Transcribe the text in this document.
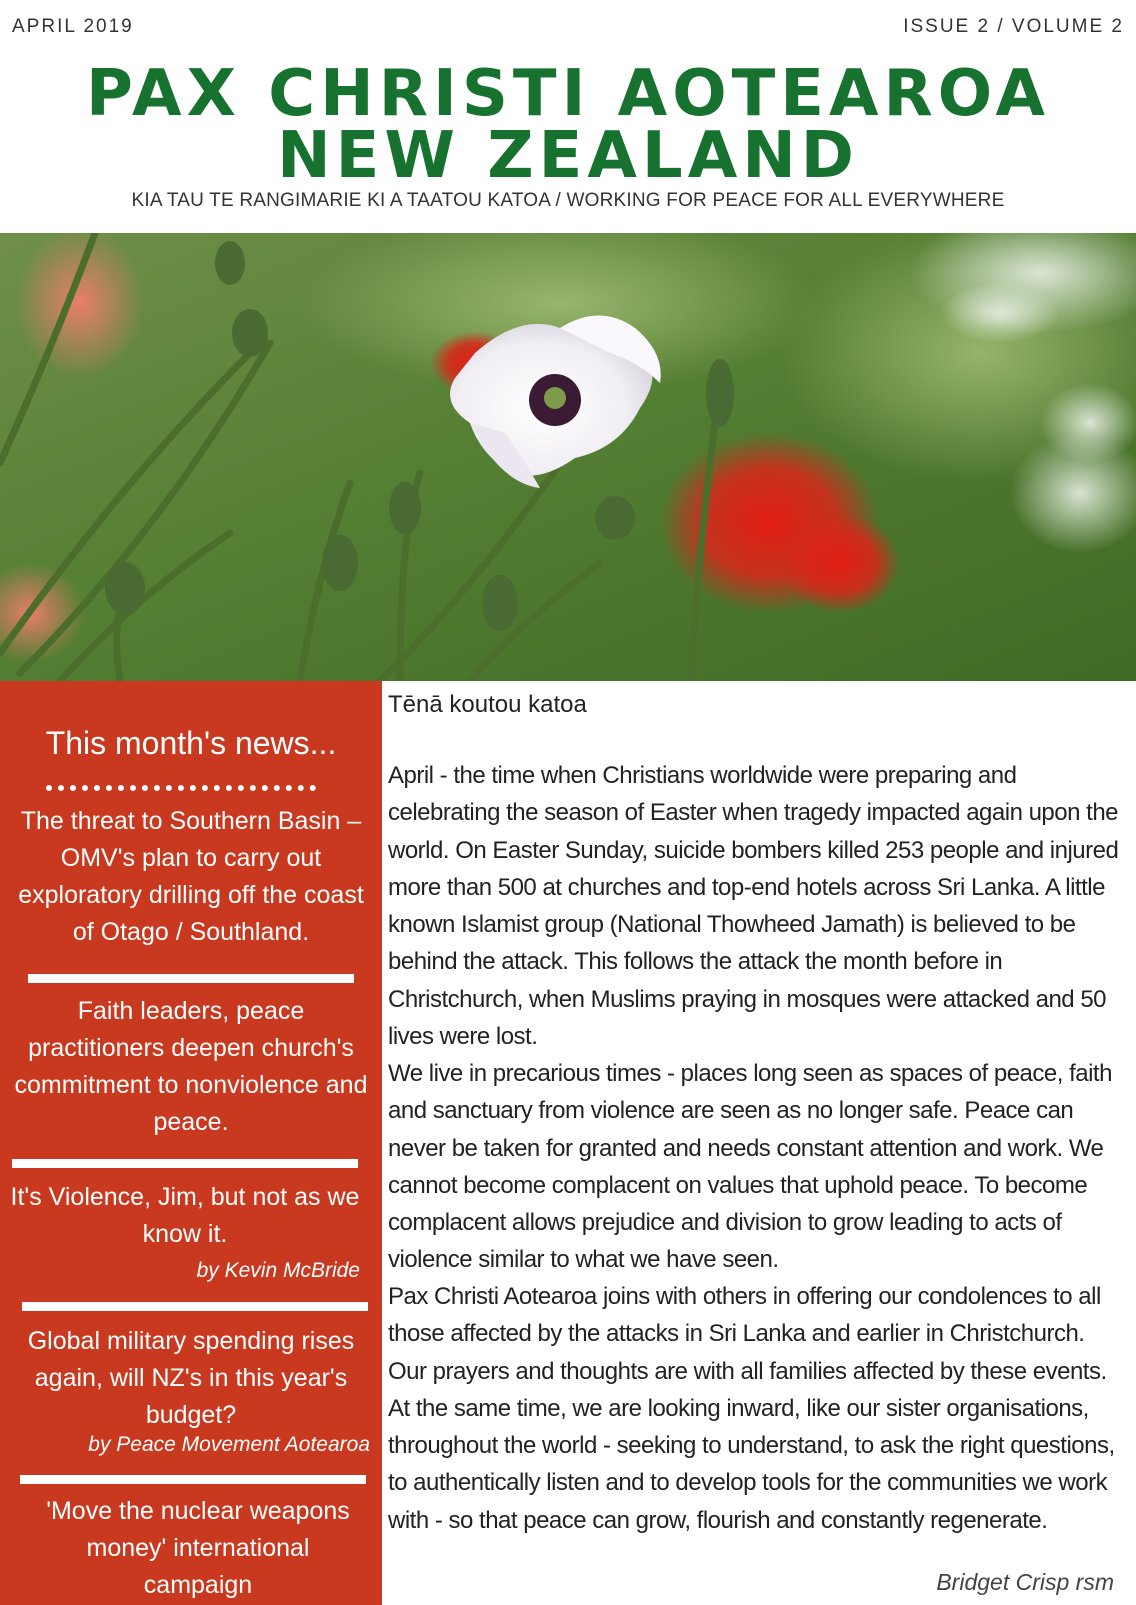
APRIL 2019	ISSUE 2 / VOLUME 2
PAX CHRISTI AOTEAROA
NEW ZEALAND
KIA TAU TE RANGIMARIE KI A TAATOU KATOA / WORKING FOR PEACE FOR ALL EVERYWHERE
This month's news...
The threat to Southern Basin – OMV's plan to carry out exploratory drilling off the coast of Otago / Southland.
Faith leaders, peace practitioners deepen church's commitment to nonviolence and peace.
It's Violence, Jim, but not as we know it.
by Kevin McBride
Global military spending rises again, will NZ's in this year's budget?
by Peace Movement Aotearoa
'Move the nuclear weapons money' international campaign
Tēnā koutou katoa
April - the time when Christians worldwide were preparing and celebrating the season of Easter when tragedy impacted again upon the world. On Easter Sunday, suicide bombers killed 253 people and injured more than 500 at churches and top-end hotels across Sri Lanka. A little known Islamist group (National Thowheed Jamath) is believed to be behind the attack. This follows the attack the month before in Christchurch, when Muslims praying in mosques were attacked and 50 lives were lost.
We live in precarious times - places long seen as spaces of peace, faith and sanctuary from violence are seen as no longer safe. Peace can never be taken for granted and needs constant attention and work. We cannot become complacent on values that uphold peace. To become complacent allows prejudice and division to grow leading to acts of violence similar to what we have seen.
Pax Christi Aotearoa joins with others in offering our condolences to all those affected by the attacks in Sri Lanka and earlier in Christchurch. Our prayers and thoughts are with all families affected by these events. At the same time, we are looking inward, like our sister organisations, throughout the world - seeking to understand, to ask the right questions, to authentically listen and to develop tools for the communities we work with - so that peace can grow, flourish and constantly regenerate.
Bridget Crisp rsm
